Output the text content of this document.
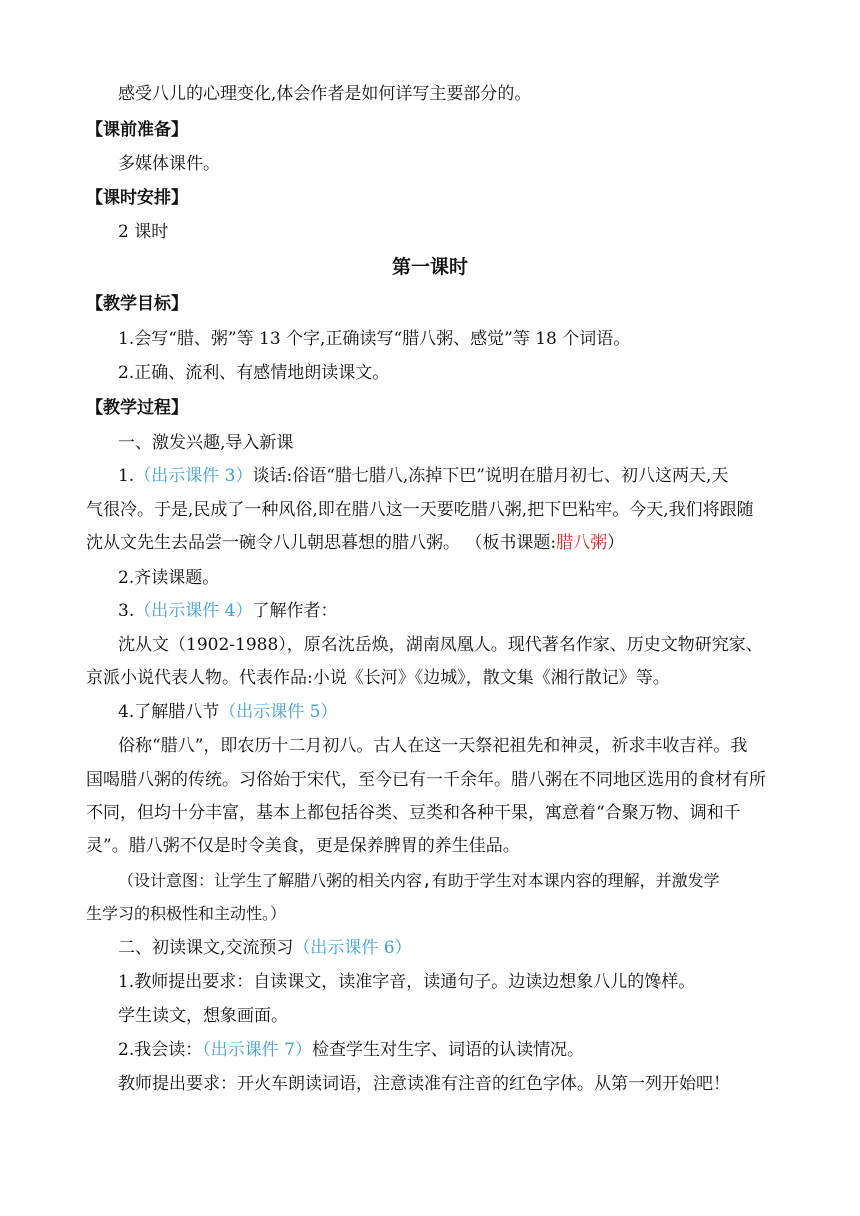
感受八儿的心理变化,体会作者是如何详写主要部分的。
【课前准备】
多媒体课件。
【课时安排】
2 课时
第一课时
【教学目标】
1.会写“腊、粥”等 13 个字,正确读写“腊八粥、感觉”等 18 个词语。
2.正确、流利、有感情地朗读课文。
【教学过程】
一、激发兴趣,导入新课
1.（出示课件 3）谈话:俗语“腊七腊八,冻掉下巴”说明在腊月初七、初八这两天,天
气很冷。于是,民成了一种风俗,即在腊八这一天要吃腊八粥,把下巴粘牢。今天,我们将跟随
沈从文先生去品尝一碗令八儿朝思暮想的腊八粥。 （板书课题:腊八粥）
2.齐读课题。
3.（出示课件 4）了解作者：
沈从文（1902-1988），原名沈岳焕，湖南凤凰人。现代著名作家、历史文物研究家、
京派小说代表人物。代表作品:小说《长河》《边城》，散文集《湘行散记》等。
4.了解腊八节（出示课件 5）
俗称“腊八”，即农历十二月初八。古人在这一天祭祀祖先和神灵，祈求丰收吉祥。我
国喝腊八粥的传统。习俗始于宋代，至今已有一千余年。腊八粥在不同地区选用的食材有所
不同，但均十分丰富，基本上都包括谷类、豆类和各种干果，寓意着“合聚万物、调和千
灵”。腊八粥不仅是时令美食，更是保养脾胃的养生佳品。
（设计意图：让学生了解腊八粥的相关内容,有助于学生对本课内容的理解，并激发学
生学习的积极性和主动性。）
二、初读课文,交流预习（出示课件 6）
1.教师提出要求：自读课文，读准字音，读通句子。边读边想象八儿的馋样。
学生读文，想象画面。
2.我会读：（出示课件 7）检查学生对生字、词语的认读情况。
教师提出要求：开火车朗读词语，注意读准有注音的红色字体。从第一列开始吧！
